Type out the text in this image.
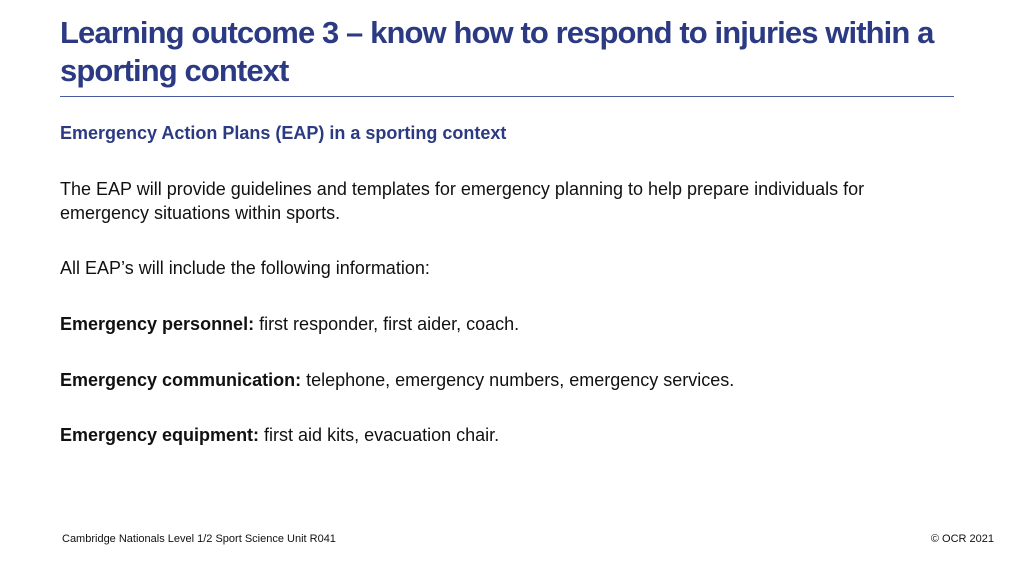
Learning outcome 3 – know how to respond to injuries within a sporting context
Emergency Action Plans (EAP) in a sporting context

The EAP will provide guidelines and templates for emergency planning to help prepare individuals for emergency situations within sports.

All EAP’s will include the following information:

Emergency personnel: first responder, first aider, coach.

Emergency communication: telephone, emergency numbers, emergency services.

Emergency equipment: first aid kits, evacuation chair.

Cambridge Nationals Level 1/2 Sport Science Unit R041	© OCR 2021
